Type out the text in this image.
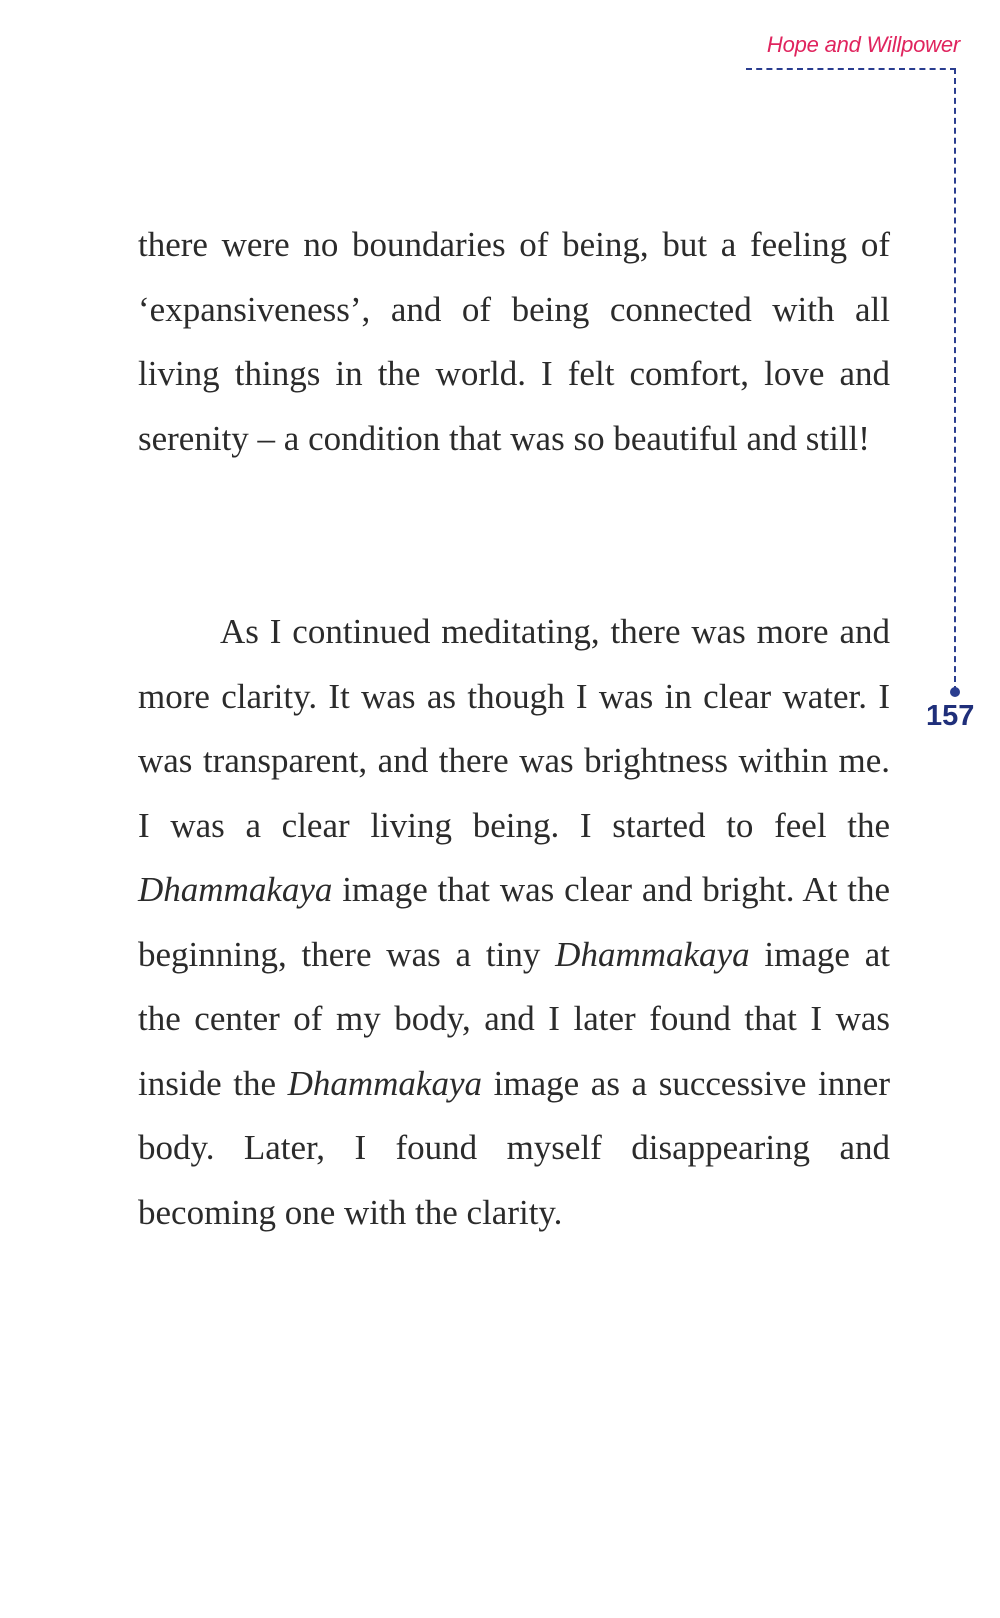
Hope and Willpower
157

there were no boundaries of being, but a feeling of ‘expansiveness’, and of being connected with all living things in the world. I felt comfort, love and serenity – a condition that was so beautiful and still!

As I continued meditating, there was more and more clarity. It was as though I was in clear water. I was transparent, and there was brightness within me. I was a clear living being. I started to feel the Dhammakaya image that was clear and bright. At the beginning, there was a tiny Dhammakaya image at the center of my body, and I later found that I was inside the Dhammakaya image as a successive inner body. Later, I found myself disappearing and becoming one with the clarity.
